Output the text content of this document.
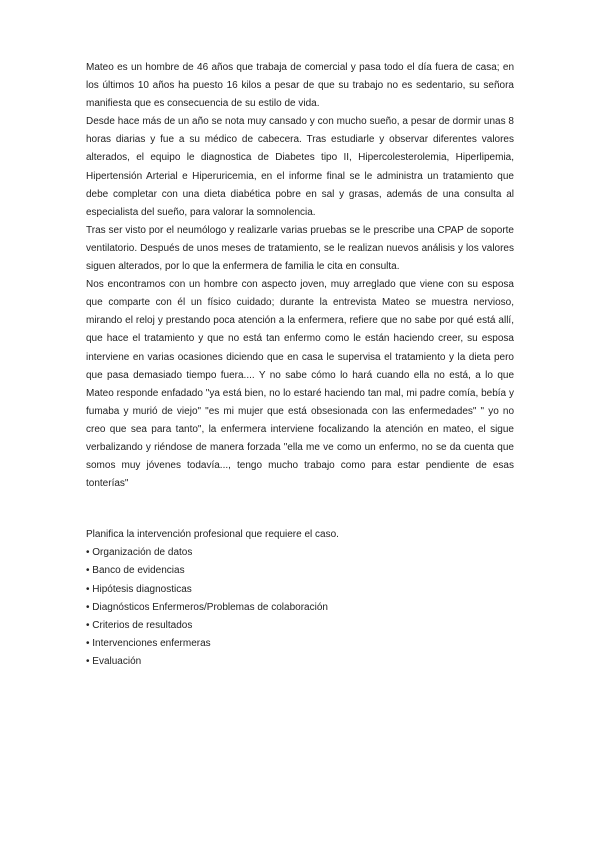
Mateo es un hombre de 46 años que trabaja de comercial y pasa todo el día fuera de casa; en los últimos 10 años ha puesto 16 kilos a pesar de que su trabajo no es sedentario, su señora manifiesta que es consecuencia de su estilo de vida.

Desde hace más de un año se nota muy cansado y con mucho sueño, a pesar de dormir unas 8 horas diarias y fue a su médico de cabecera. Tras estudiarle y observar diferentes valores alterados, el equipo le diagnostica de Diabetes tipo II, Hipercolesterolemia, Hiperlipemia, Hipertensión Arterial e Hiperuricemia, en el informe final se le administra un tratamiento que debe completar con una dieta diabética pobre en sal y grasas, además de una consulta al especialista del sueño, para valorar la somnolencia.

Tras ser visto por el neumólogo y realizarle varias pruebas se le prescribe una CPAP de soporte ventilatorio. Después de unos meses de tratamiento, se le realizan nuevos análisis y los valores siguen alterados, por lo que la enfermera de familia le cita en consulta.

Nos encontramos con un hombre con aspecto joven, muy arreglado que viene con su esposa que comparte con él un físico cuidado; durante la entrevista Mateo se muestra nervioso, mirando el reloj y prestando poca atención a la enfermera, refiere que no sabe por qué está allí, que hace el tratamiento y que no está tan enfermo como le están haciendo creer, su esposa interviene en varias ocasiones diciendo que en casa le supervisa el tratamiento y la dieta pero que pasa demasiado tiempo fuera.... Y no sabe cómo lo hará cuando ella no está, a lo que Mateo responde enfadado "ya está bien, no lo estaré haciendo tan mal, mi padre comía, bebía y fumaba y murió de viejo" "es mi mujer que está obsesionada con las enfermedades" " yo no creo que sea para tanto", la enfermera interviene focalizando la atención en mateo, el sigue verbalizando y riéndose de manera forzada "ella me ve como un enfermo, no se da cuenta que somos muy jóvenes todavía..., tengo mucho trabajo como para estar pendiente de esas tonterías"

Planifica la intervención profesional que requiere el caso.

• Organización de datos
• Banco de evidencias
• Hipótesis diagnosticas
• Diagnósticos Enfermeros/Problemas de colaboración
• Criterios de resultados
• Intervenciones enfermeras
• Evaluación
